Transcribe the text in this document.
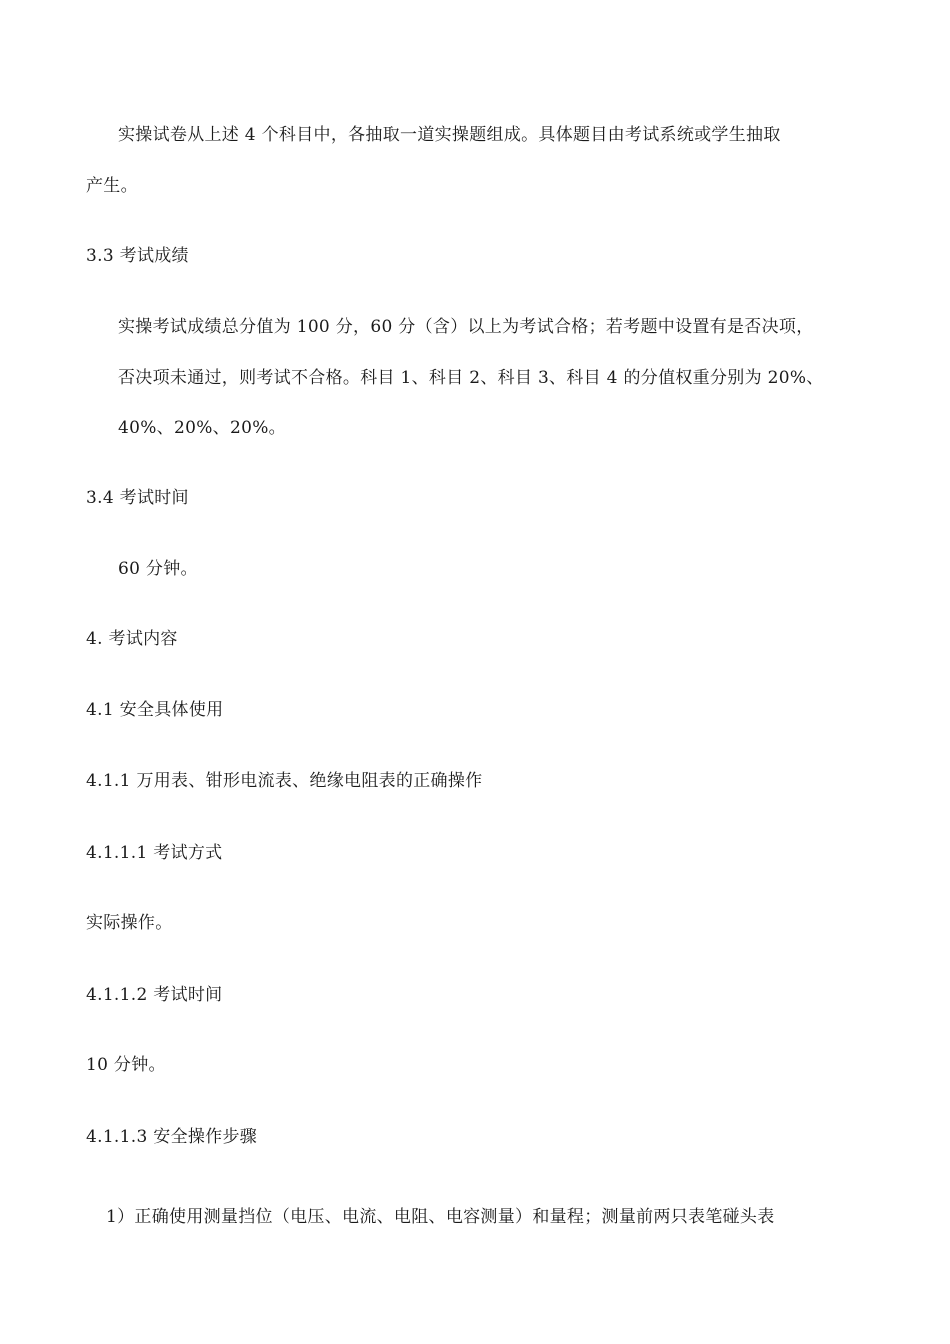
实操试卷从上述 4 个科目中，各抽取一道实操题组成。具体题目由考试系统或学生抽取
产生。
3.3 考试成绩
实操考试成绩总分值为 100 分，60 分（含）以上为考试合格；若考题中设置有是否决项，
否决项未通过，则考试不合格。科目 1、科目 2、科目 3、科目 4 的分值权重分别为 20%、
40%、20%、20%。
3.4 考试时间
60 分钟。
4. 考试内容
4.1 安全具体使用
4.1.1 万用表、钳形电流表、绝缘电阻表的正确操作
4.1.1.1 考试方式
实际操作。
4.1.1.2 考试时间
10 分钟。
4.1.1.3 安全操作步骤
1）正确使用测量挡位（电压、电流、电阻、电容测量）和量程；测量前两只表笔碰头表
